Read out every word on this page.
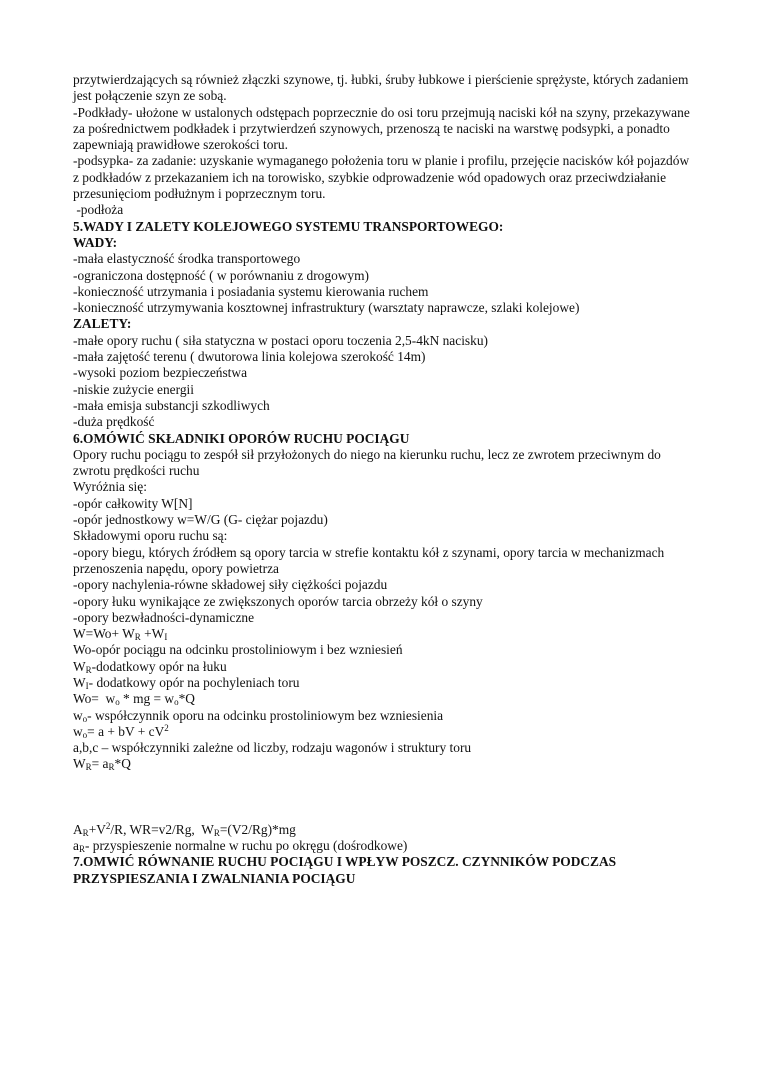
przytwierdzających są również złączki szynowe, tj. łubki, śruby łubkowe i pierścienie sprężyste, których zadaniem jest połączenie szyn ze sobą.

-Podkłady- ułożone w ustalonych odstępach poprzecznie do osi toru przejmują naciski kół na szyny, przekazywane za pośrednictwem podkładek i przytwierdzeń szynowych, przenoszą te naciski na warstwę podsypki, a ponadto zapewniają prawidłowe szerokości toru.

-podsypka- za zadanie: uzyskanie wymaganego położenia toru w planie i profilu, przejęcie nacisków kół pojazdów z podkładów z przekazaniem ich na torowisko, szybkie odprowadzenie wód opadowych oraz przeciwdziałanie przesunięciom podłużnym i poprzecznym toru.

-podłoża

5.WADY I ZALETY KOLEJOWEGO SYSTEMU TRANSPORTOWEGO:

WADY:

-mała elastyczność środka transportowego

-ograniczona dostępność ( w porównaniu z drogowym)

-konieczność utrzymania i posiadania systemu kierowania ruchem

-konieczność utrzymywania kosztownej infrastruktury (warsztaty naprawcze, szlaki kolejowe)

ZALETY:

-małe opory ruchu ( siła statyczna w postaci oporu toczenia 2,5-4kN nacisku)

-mała zajętość terenu ( dwutorowa linia kolejowa szerokość 14m)

-wysoki poziom bezpieczeństwa

-niskie zużycie energii

-mała emisja substancji szkodliwych

-duża prędkość

6.OMÓWIĆ SKŁADNIKI OPORÓW RUCHU POCIĄGU

Opory ruchu pociągu to zespół sił przyłożonych do niego na kierunku ruchu, lecz ze zwrotem przeciwnym do zwrotu prędkości ruchu

Wyróżnia się:

-opór całkowity W[N]

-opór jednostkowy w=W/G (G- ciężar pojazdu)

Składowymi oporu ruchu są:

-opory biegu, których źródłem są opory tarcia w strefie kontaktu kół z szynami, opory tarcia w mechanizmach przenoszenia napędu, opory powietrza

-opory nachylenia-równe składowej siły ciężkości pojazdu

-opory łuku wynikające ze zwiększonych oporów tarcia obrzeży kół o szyny

-opory bezwładności-dynamiczne

$W=Wo+ W_R +W_I$

Wo-opór pociągu na odcinku prostoliniowym i bez wzniesień

$W_R$-dodatkowy opór na łuku

$W_I-$ dodatkowy opór na pochyleniach toru

$Wo= w_o$ * mg = $w_o*Q$

$w_o-$ współczynnik oporu na odcinku prostoliniowym bez wzniesienia

$w_o= a$ + bV + $cV^2$

a,b,c – współczynniki zależne od liczby, rodzaju wagonów i struktury toru

$W_R= a_R*Q$

$A_R+V^2/R$, WR=v2/Rg,  $W_R=(V2/Rg)*mg$

$a_R-$ przyspieszenie normalne w ruchu po okręgu (dośrodkowe)

7.OMWIĆ RÓWNANIE RUCHU POCIĄGU I WPŁYW POSZCZ. CZYNNIKÓW PODCZAS PRZYSPIESZANIA I ZWALNIANIA POCIĄGU
